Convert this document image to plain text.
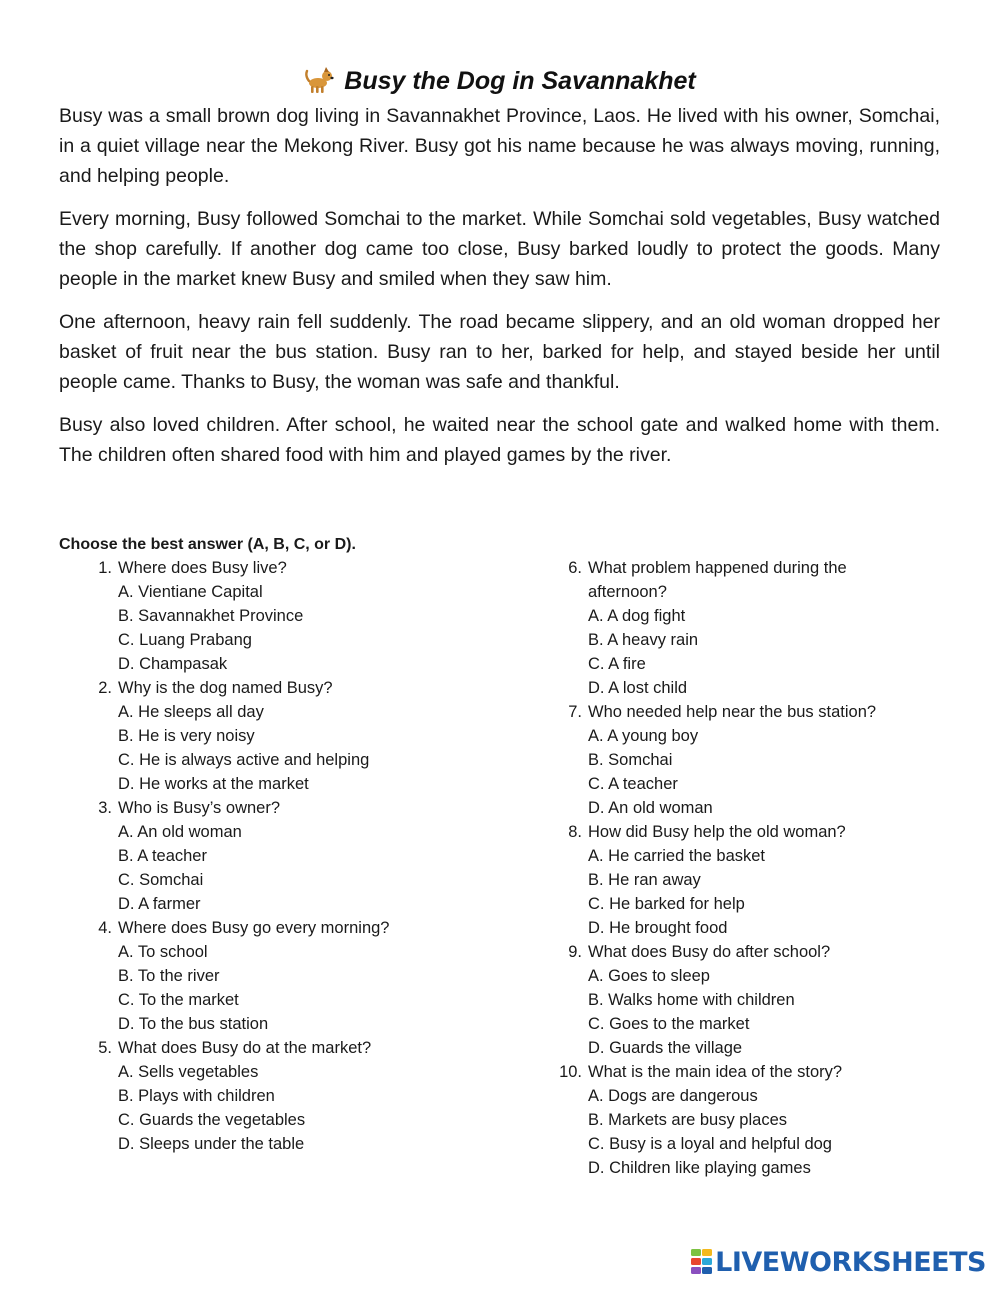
Busy the Dog in Savannakhet

Busy was a small brown dog living in Savannakhet Province, Laos. He lived with his owner, Somchai, in a quiet village near the Mekong River. Busy got his name because he was always moving, running, and helping people.

Every morning, Busy followed Somchai to the market. While Somchai sold vegetables, Busy watched the shop carefully. If another dog came too close, Busy barked loudly to protect the goods. Many people in the market knew Busy and smiled when they saw him.

One afternoon, heavy rain fell suddenly. The road became slippery, and an old woman dropped her basket of fruit near the bus station. Busy ran to her, barked for help, and stayed beside her until people came. Thanks to Busy, the woman was safe and thankful.

Busy also loved children. After school, he waited near the school gate and walked home with them. The children often shared food with him and played games by the river.

Choose the best answer (A, B, C, or D).
1. Where does Busy live?
A. Vientiane Capital
B. Savannakhet Province
C. Luang Prabang
D. Champasak
2. Why is the dog named Busy?
A. He sleeps all day
B. He is very noisy
C. He is always active and helping
D. He works at the market
3. Who is Busy’s owner?
A. An old woman
B. A teacher
C. Somchai
D. A farmer
4. Where does Busy go every morning?
A. To school
B. To the river
C. To the market
D. To the bus station
5. What does Busy do at the market?
A. Sells vegetables
B. Plays with children
C. Guards the vegetables
D. Sleeps under the table
6. What problem happened during the afternoon?
A. A dog fight
B. A heavy rain
C. A fire
D. A lost child
7. Who needed help near the bus station?
A. A young boy
B. Somchai
C. A teacher
D. An old woman
8. How did Busy help the old woman?
A. He carried the basket
B. He ran away
C. He barked for help
D. He brought food
9. What does Busy do after school?
A. Goes to sleep
B. Walks home with children
C. Goes to the market
D. Guards the village
10. What is the main idea of the story?
A. Dogs are dangerous
B. Markets are busy places
C. Busy is a loyal and helpful dog
D. Children like playing games
LIVEWORKSHEETS
